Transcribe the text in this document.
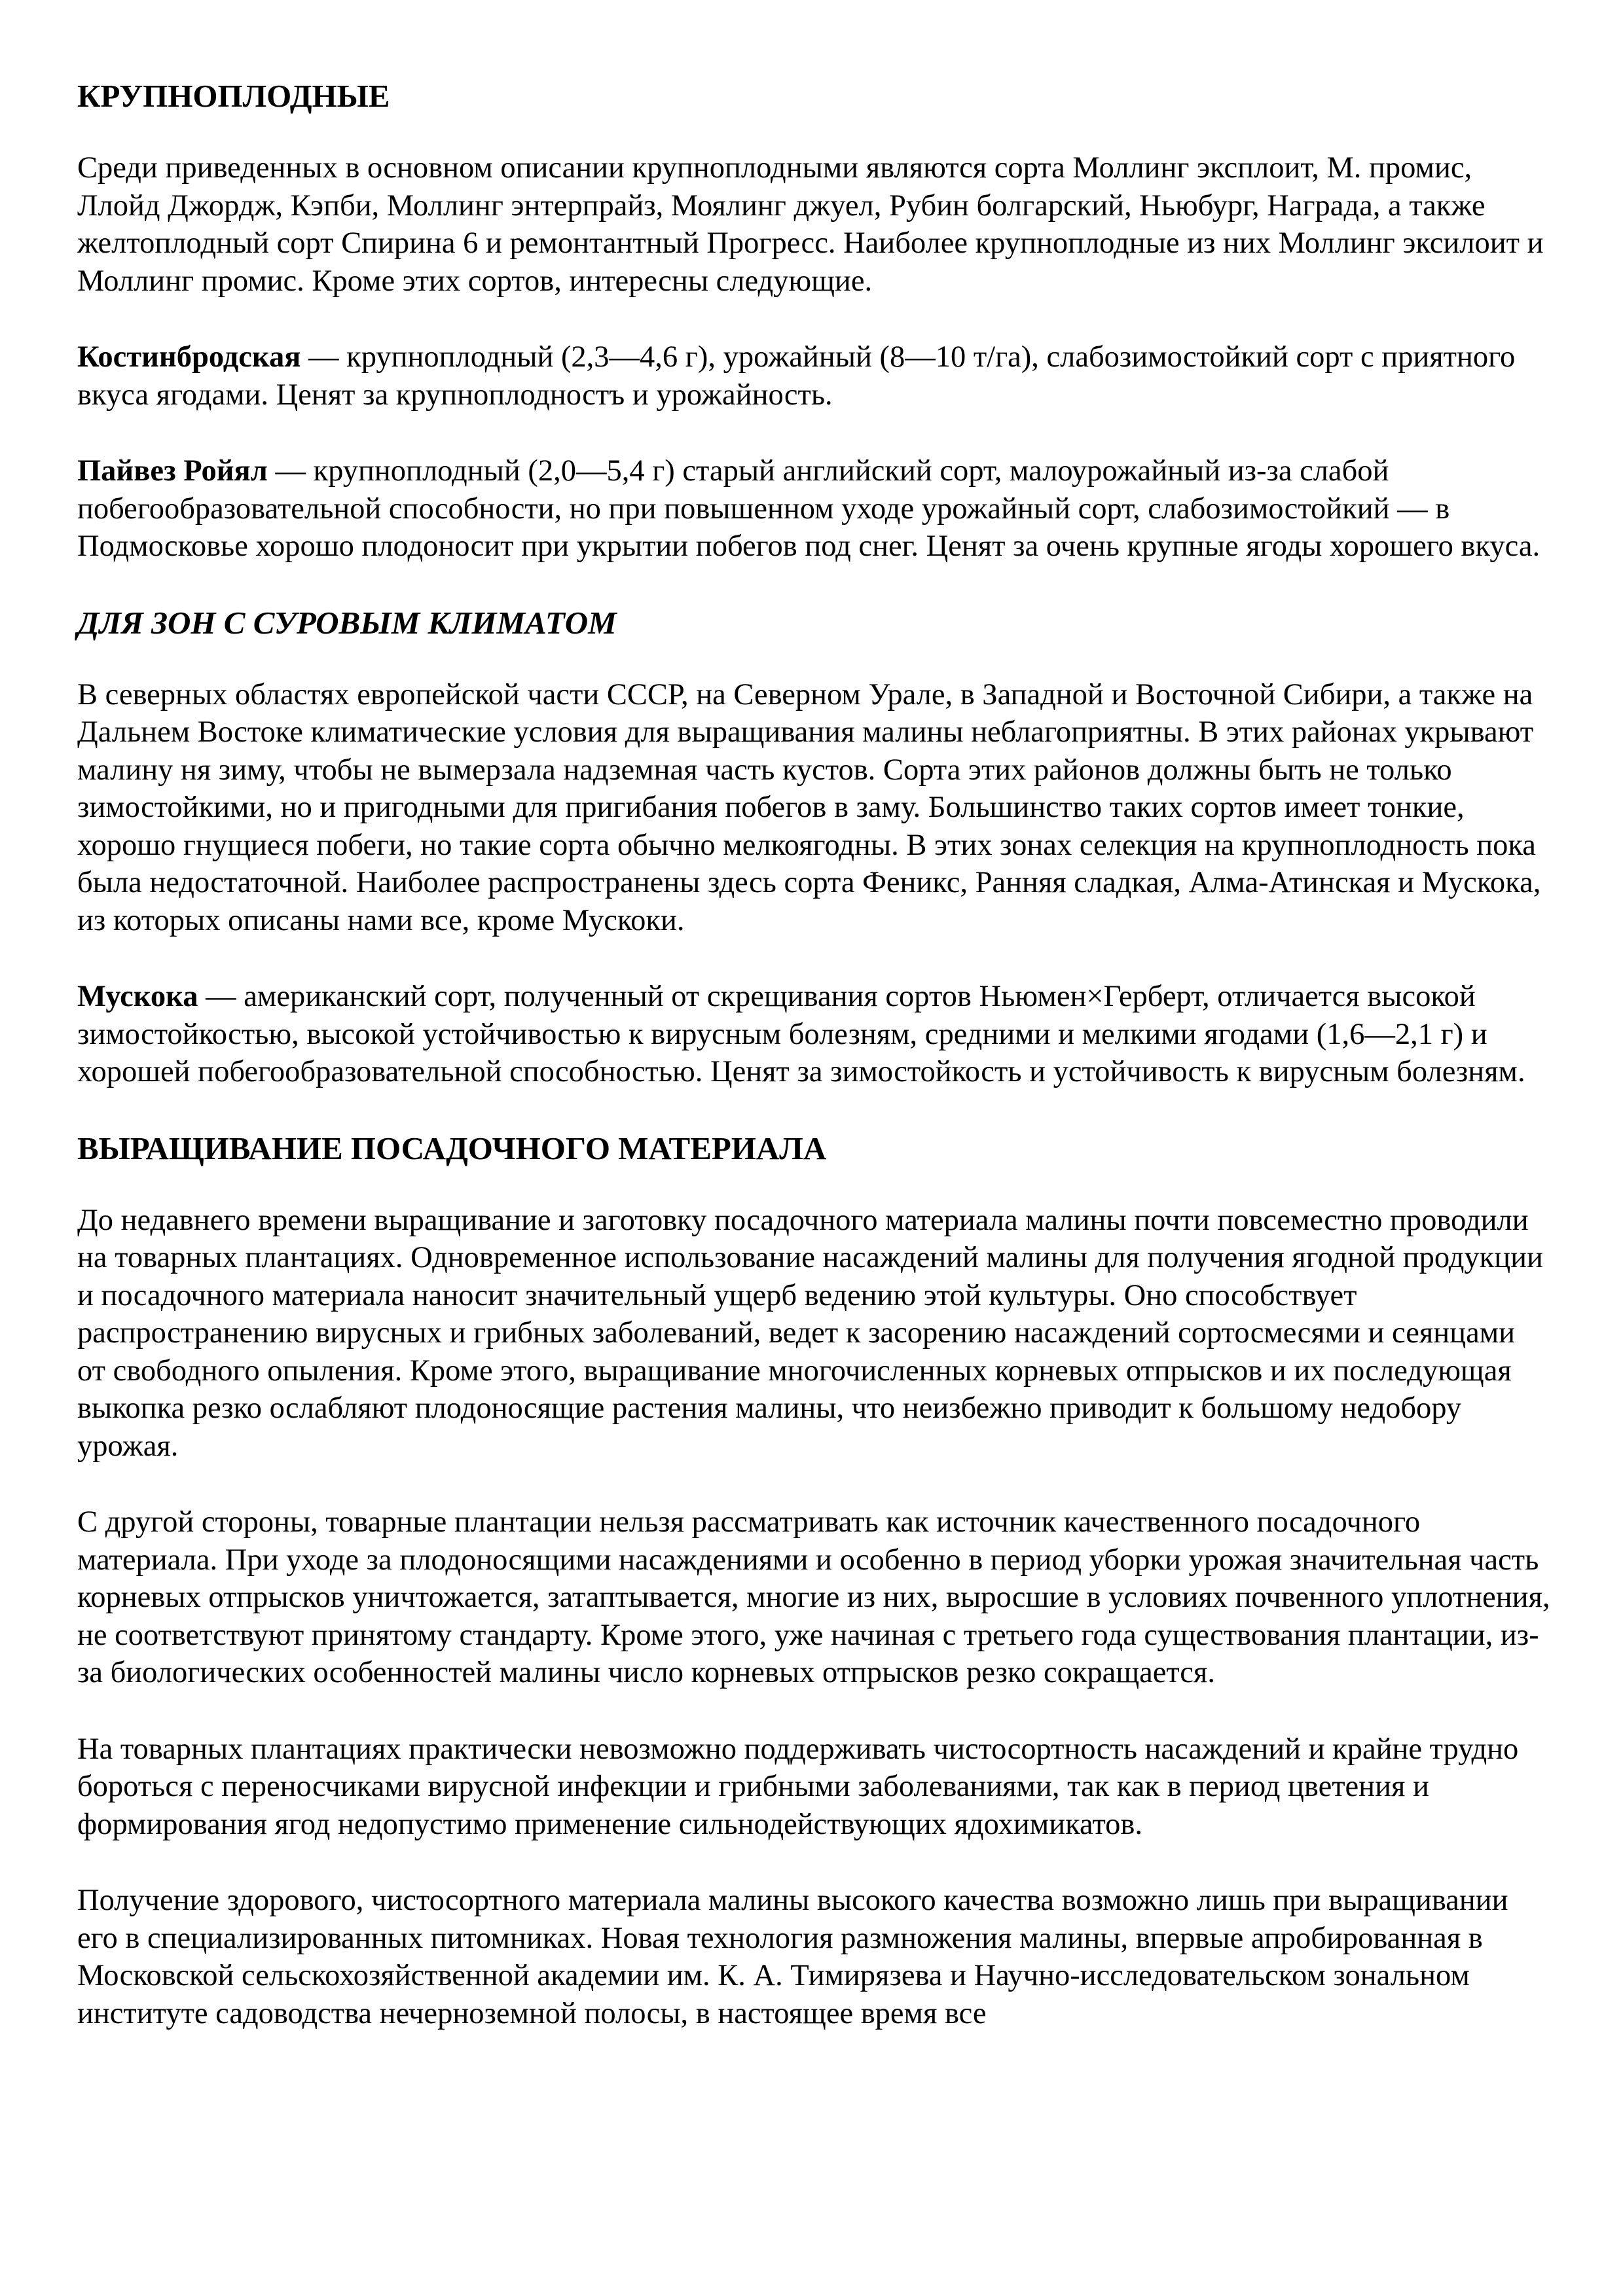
КРУПНОПЛОДНЫЕ

Среди приведенных в основном описании крупноплодными являются сорта Моллинг эксплоит, М. промис, Ллойд Джордж, Кэпби, Моллинг энтерпрайз, Моялинг джуел, Рубин болгарский, Ньюбург, Награда, а также желтоплодный сорт Спирина 6 и ремонтантный Прогресс. Наиболее крупноплодные из них Моллинг эксилоит и Моллинг промис. Кроме этих сортов, интересны следующие.

Костинбродская — крупноплодный (2,3—4,6 г), урожайный (8—10 т/га), слабозимостойкий сорт с приятного вкуса ягодами. Ценят за крупноплодностъ и урожайность.

Пайвез Ройял — крупноплодный (2,0—5,4 г) старый английский сорт, малоурожайный из-за слабой побегообразовательной способности, но при повышенном уходе урожайный сорт, слабозимостойкий — в Подмосковье хорошо плодоносит при укрытии побегов под снег. Ценят за очень крупные ягоды хорошего вкуса.

ДЛЯ ЗОН С СУРОВЫМ КЛИМАТОМ

В северных областях европейской части СССР, на Северном Урале, в Западной и Восточной Сибири, а также на Дальнем Востоке климатические условия для выращивания малины неблагоприятны. В этих районах укрывают малину ня зиму, чтобы не вымерзала надземная часть кустов. Сорта этих районов должны быть не только зимостойкими, но и пригодными для пригибания побегов в заму. Большинство таких сортов имеет тонкие, хорошо гнущиеся побеги, но такие сорта обычно мелкоягодны. В этих зонах селекция на крупноплодность пока была недостаточной. Наиболее распространены здесь сорта Феникс, Ранняя сладкая, Алма-Атинская и Мускока, из которых описаны нами все, кроме Мускоки.

Мускока — американский сорт, полученный от скрещивания сортов Ньюмен×Герберт, отличается высокой зимостойкостью, высокой устойчивостью к вирусным болезням, средними и мелкими ягодами (1,6—2,1 г) и хорошей побегообразовательной способностью. Ценят за зимостойкость и устойчивость к вирусным болезням.

ВЫРАЩИВАНИЕ ПОСАДОЧНОГО МАТЕРИАЛА

До недавнего времени выращивание и заготовку посадочного материала малины почти повсеместно проводили на товарных плантациях. Одновременное использование насаждений малины для получения ягодной продукции и посадочного материала наносит значительный ущерб ведению этой культуры. Оно способствует распространению вирусных и грибных заболеваний, ведет к засорению насаждений сортосмесями и сеянцами от свободного опыления. Кроме этого, выращивание многочисленных корневых отпрысков и их последующая выкопка резко ослабляют плодоносящие растения малины, что неизбежно приводит к большому недобору урожая.

С другой стороны, товарные плантации нельзя рассматривать как источник качественного посадочного материала. При уходе за плодоносящими насаждениями и особенно в период уборки урожая значительная часть корневых отпрысков уничтожается, затаптывается, многие из них, выросшие в условиях почвенного уплотнения, не соответствуют принятому стандарту. Кроме этого, уже начиная с третьего года существования плантации, из-за биологических особенностей малины число корневых отпрысков резко сокращается.

На товарных плантациях практически невозможно поддерживать чистосортность насаждений и крайне трудно бороться с переносчиками вирусной инфекции и грибными заболеваниями, так как в период цветения и формирования ягод недопустимо применение сильнодействующих ядохимикатов.

Получение здорового, чистосортного материала малины высокого качества возможно лишь при выращивании его в специализированных питомниках. Новая технология размножения малины, впервые апробированная в Московской сельскохозяйственной академии им. К. А. Тимирязева и Научно-исследовательском зональном институте садоводства нечерноземной полосы, в настоящее время все
